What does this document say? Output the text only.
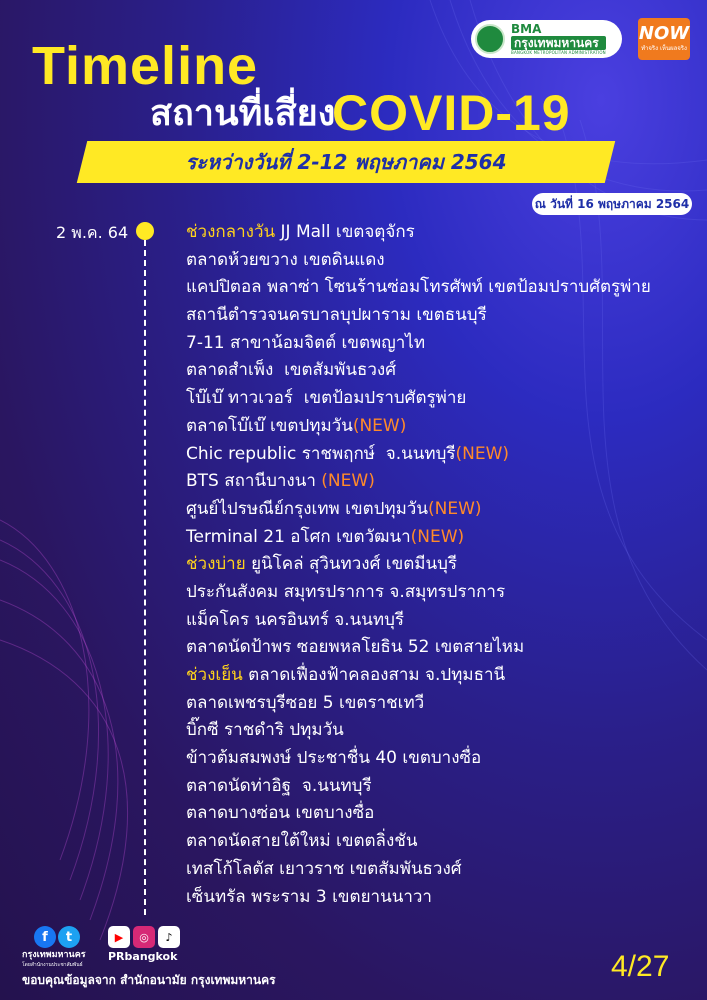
BMA
กรุงเทพมหานคร
BANGKOK METROPOLITAN ADMINISTRATION
NOW
ทำจริง เห็นผลจริง
Timeline
สถานที่เสี่ยง
COVID-19
ระหว่างวันที่ 2-12 พฤษภาคม 2564
ณ วันที่ 16 พฤษภาคม 2564
2 พ.ค. 64	ช่วงกลางวัน JJ Mall เขตจตุจักร
ตลาดห้วยขวาง เขตดินแดง
แคปปิตอล พลาซ่า โซนร้านซ่อมโทรศัพท์ เขตป้อมปราบศัตรูพ่าย
สถานีตำรวจนครบาลบุปผาราม เขตธนบุรี
7-11 สาขาน้อมจิตต์ เขตพญาไท
ตลาดสำเพ็ง  เขตสัมพันธวงศ์
โบ๊เบ๊ ทาวเวอร์  เขตป้อมปราบศัตรูพ่าย
ตลาดโบ๊เบ๊ เขตปทุมวัน(NEW)
Chic republic ราชพฤกษ์  จ.นนทบุรี(NEW)
BTS สถานีบางนา (NEW)
ศูนย์ไปรษณีย์กรุงเทพ เขตปทุมวัน(NEW)
Terminal 21 อโศก เขตวัฒนา(NEW)
ช่วงบ่าย ยูนิโคล่ สุวินทวงศ์ เขตมีนบุรี
ประกันสังคม สมุทรปราการ จ.สมุทรปราการ
แม็คโคร นครอินทร์ จ.นนทบุรี
ตลาดนัดป้าพร ซอยพหลโยธิน 52 เขตสายไหม
ช่วงเย็น ตลาดเฟื่องฟ้าคลองสาม จ.ปทุมธานี
ตลาดเพชรบุรีซอย 5 เขตราชเทวี
บิ๊กซี ราชดำริ ปทุมวัน
ข้าวต้มสมพงษ์ ประชาชื่น 40 เขตบางซื่อ
ตลาดนัดท่าอิฐ  จ.นนทบุรี
ตลาดบางซ่อน เขตบางซื่อ
ตลาดนัดสายใต้ใหม่ เขตตลิ่งชัน
เทสโก้โลตัส เยาวราช เขตสัมพันธวงศ์
เซ็นทรัล พระราม 3 เขตยานนาวา
f	t	▶	◎	♪
กรุงเทพมหานคร
โดยสำนักงานประชาสัมพันธ์
PRbangkok
ขอบคุณข้อมูลจาก สำนักอนามัย กรุงเทพมหานคร	4/27
